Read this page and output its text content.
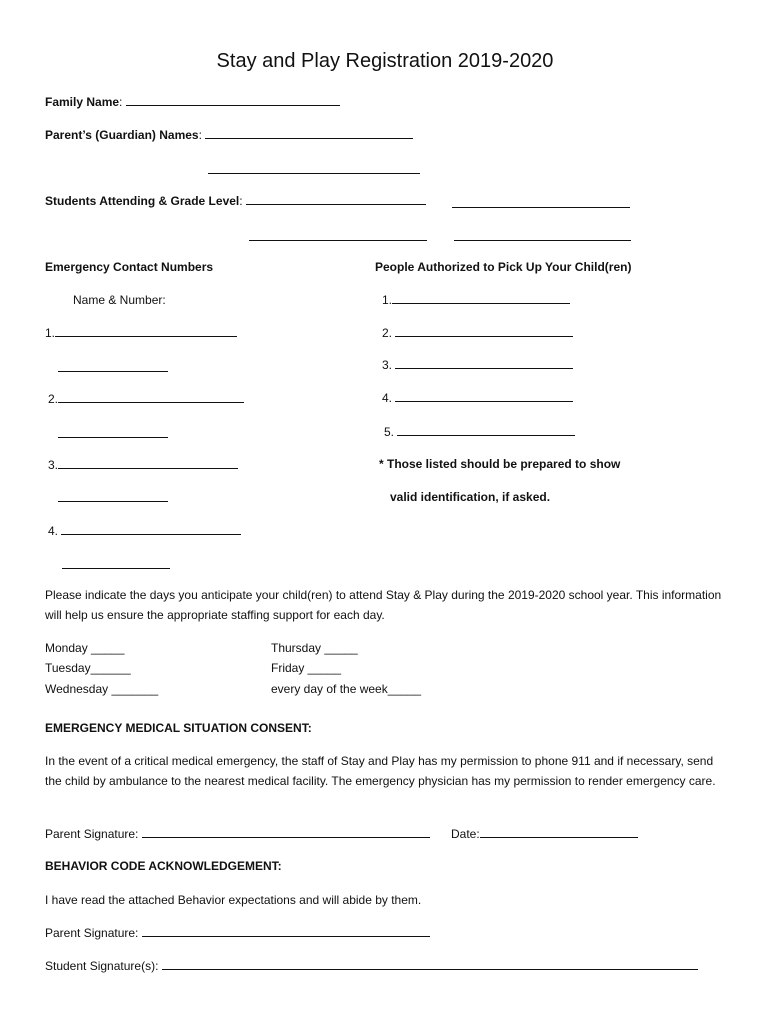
Stay and Play Registration 2019-2020
Family Name:
Parent’s (Guardian) Names:
Students Attending & Grade Level:
Emergency Contact Numbers
Name & Number:
1.
2.
3.
4.
People Authorized to Pick Up Your Child(ren)
1.
2.
3.
4.
5.
* Those listed should be prepared to show
valid identification, if asked.
Please indicate the days you anticipate your child(ren) to attend Stay & Play during the 2019-2020 school year. This information will help us ensure the appropriate staffing support for each day.
Monday _____
Tuesday______
Wednesday _______
Thursday _____
Friday _____
every day of the week_____
EMERGENCY MEDICAL SITUATION CONSENT:
In the event of a critical medical emergency, the staff of Stay and Play has my permission to phone 911 and if necessary, send the child by ambulance to the nearest medical facility. The emergency physician has my permission to render emergency care.
Parent Signature:	Date:
BEHAVIOR CODE ACKNOWLEDGEMENT:
I have read the attached Behavior expectations and will abide by them.
Parent Signature:
Student Signature(s):
